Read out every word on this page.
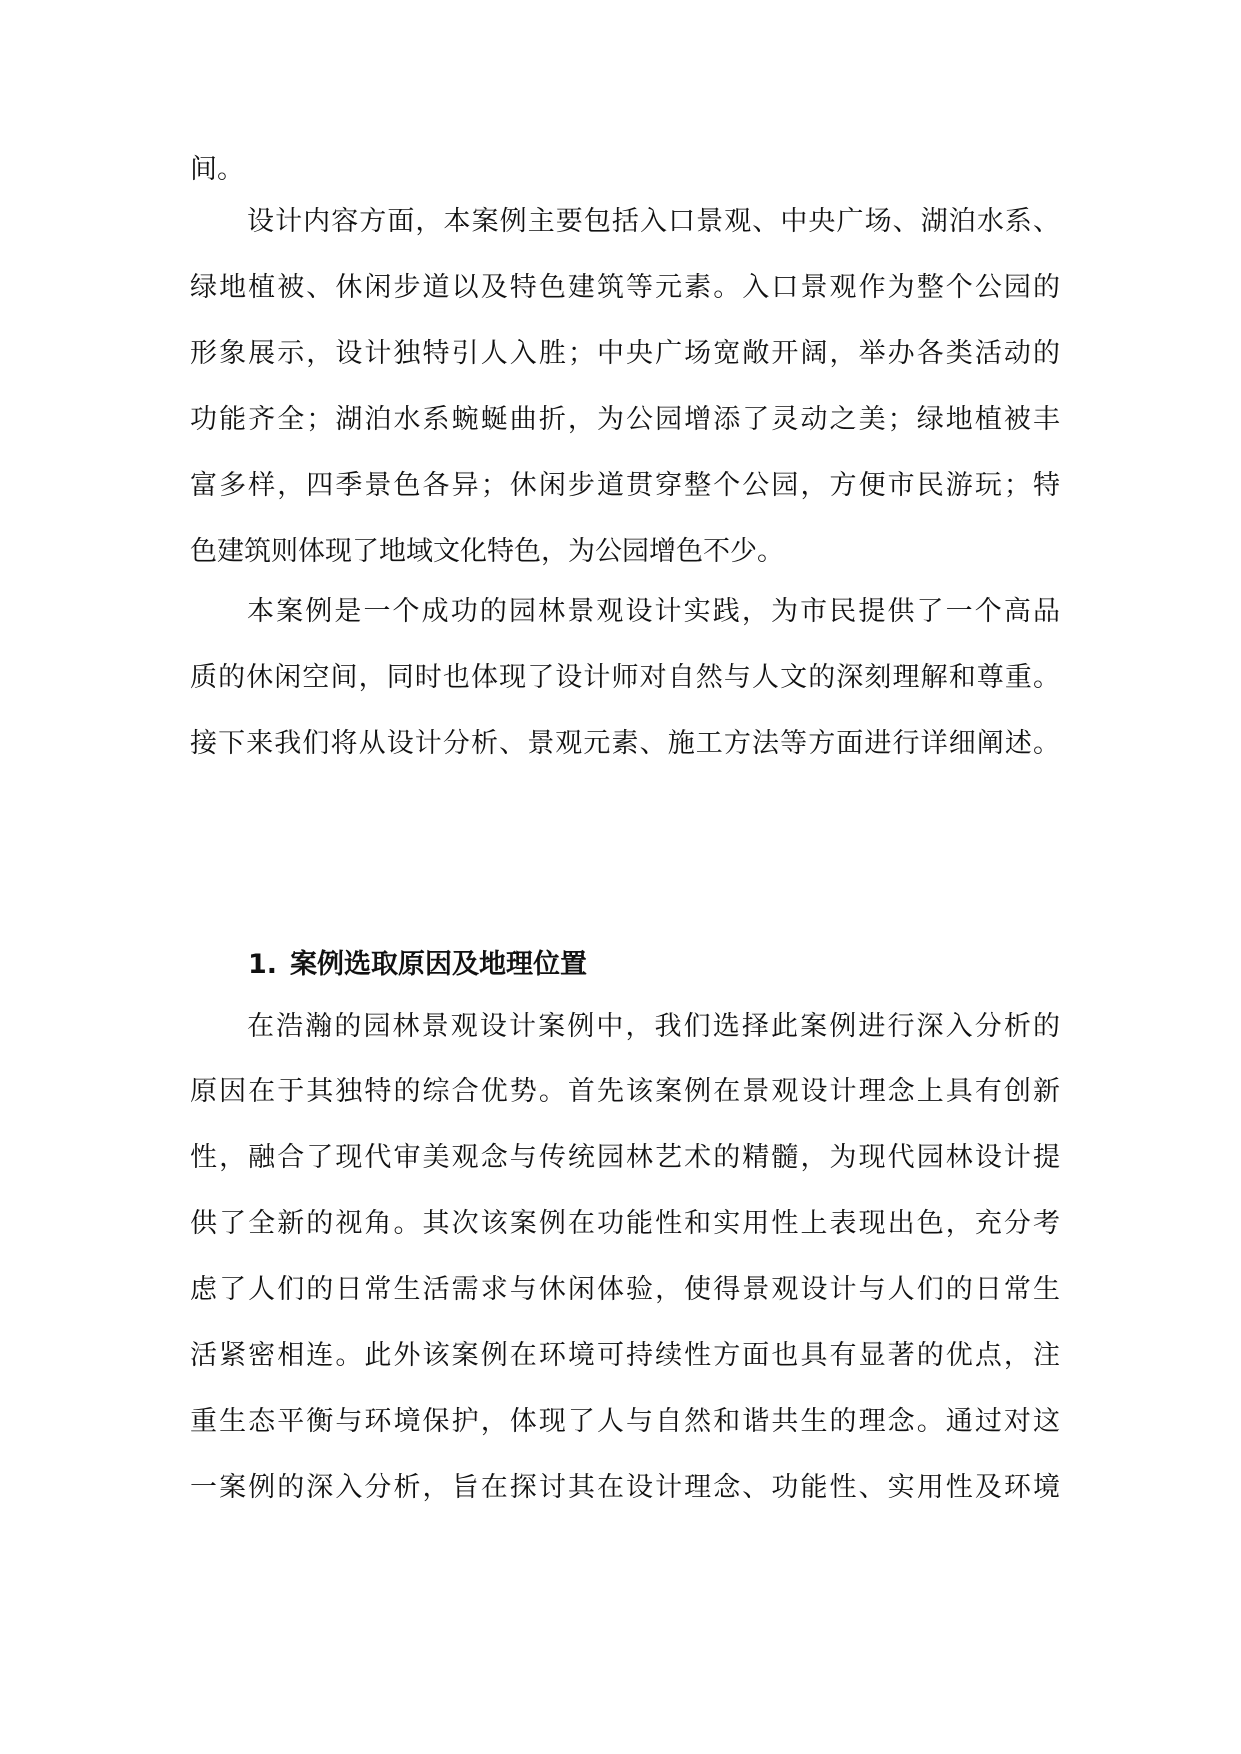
间。
设计内容方面，本案例主要包括入口景观、中央广场、湖泊水系、
绿地植被、休闲步道以及特色建筑等元素。入口景观作为整个公园的
形象展示，设计独特引人入胜；中央广场宽敞开阔，举办各类活动的
功能齐全；湖泊水系蜿蜒曲折，为公园增添了灵动之美；绿地植被丰
富多样，四季景色各异；休闲步道贯穿整个公园，方便市民游玩；特
色建筑则体现了地域文化特色，为公园增色不少。
本案例是一个成功的园林景观设计实践，为市民提供了一个高品
质的休闲空间，同时也体现了设计师对自然与人文的深刻理解和尊重。
接下来我们将从设计分析、景观元素、施工方法等方面进行详细阐述。
1. 案例选取原因及地理位置
在浩瀚的园林景观设计案例中，我们选择此案例进行深入分析的
原因在于其独特的综合优势。首先该案例在景观设计理念上具有创新
性，融合了现代审美观念与传统园林艺术的精髓，为现代园林设计提
供了全新的视角。其次该案例在功能性和实用性上表现出色，充分考
虑了人们的日常生活需求与休闲体验，使得景观设计与人们的日常生
活紧密相连。此外该案例在环境可持续性方面也具有显著的优点，注
重生态平衡与环境保护，体现了人与自然和谐共生的理念。通过对这
一案例的深入分析，旨在探讨其在设计理念、功能性、实用性及环境
